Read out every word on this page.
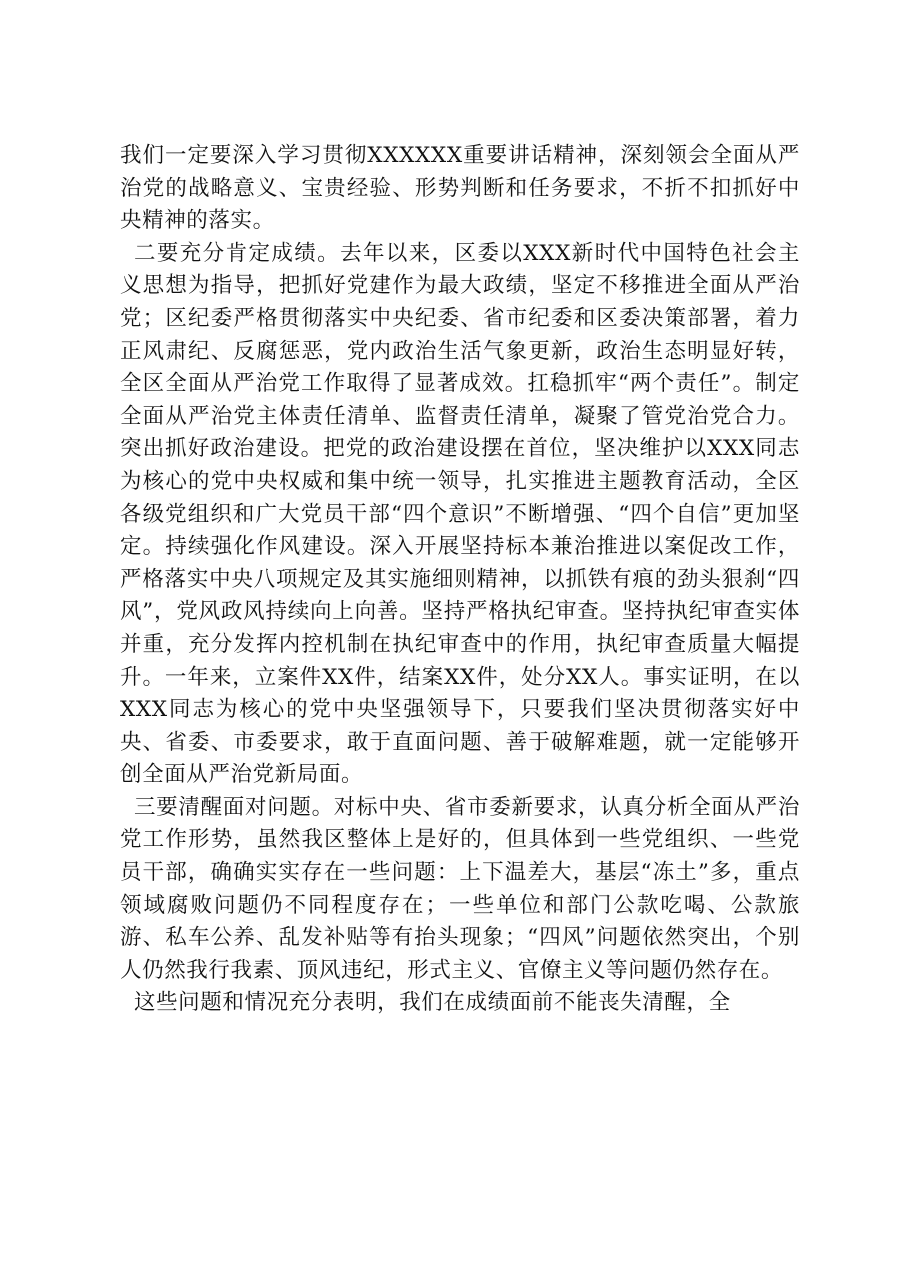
我们一定要深入学习贯彻XXXXXX重要讲话精神，深刻领会全面从严治党的战略意义、宝贵经验、形势判断和任务要求，不折不扣抓好中央精神的落实。

二要充分肯定成绩。去年以来，区委以XXX新时代中国特色社会主义思想为指导，把抓好党建作为最大政绩，坚定不移推进全面从严治党；区纪委严格贯彻落实中央纪委、省市纪委和区委决策部署，着力正风肃纪、反腐惩恶，党内政治生活气象更新，政治生态明显好转，全区全面从严治党工作取得了显著成效。扛稳抓牢“两个责任”。制定全面从严治党主体责任清单、监督责任清单，凝聚了管党治党合力。突出抓好政治建设。把党的政治建设摆在首位，坚决维护以XXX同志为核心的党中央权威和集中统一领导，扎实推进主题教育活动，全区各级党组织和广大党员干部“四个意识”不断增强、“四个自信”更加坚定。持续强化作风建设。深入开展坚持标本兼治推进以案促改工作，严格落实中央八项规定及其实施细则精神，以抓铁有痕的劲头狠刹“四风”，党风政风持续向上向善。坚持严格执纪审查。坚持执纪审查实体并重，充分发挥内控机制在执纪审查中的作用，执纪审查质量大幅提升。一年来，立案件XX件，结案XX件，处分XX人。事实证明，在以XXX同志为核心的党中央坚强领导下，只要我们坚决贯彻落实好中央、省委、市委要求，敢于直面问题、善于破解难题，就一定能够开创全面从严治党新局面。

三要清醒面对问题。对标中央、省市委新要求，认真分析全面从严治党工作形势，虽然我区整体上是好的，但具体到一些党组织、一些党员干部，确确实实存在一些问题：上下温差大，基层“冻土”多，重点领域腐败问题仍不同程度存在；一些单位和部门公款吃喝、公款旅游、私车公养、乱发补贴等有抬头现象；“四风”问题依然突出，个别人仍然我行我素、顶风违纪，形式主义、官僚主义等问题仍然存在。

这些问题和情况充分表明，我们在成绩面前不能丧失清醒，全
